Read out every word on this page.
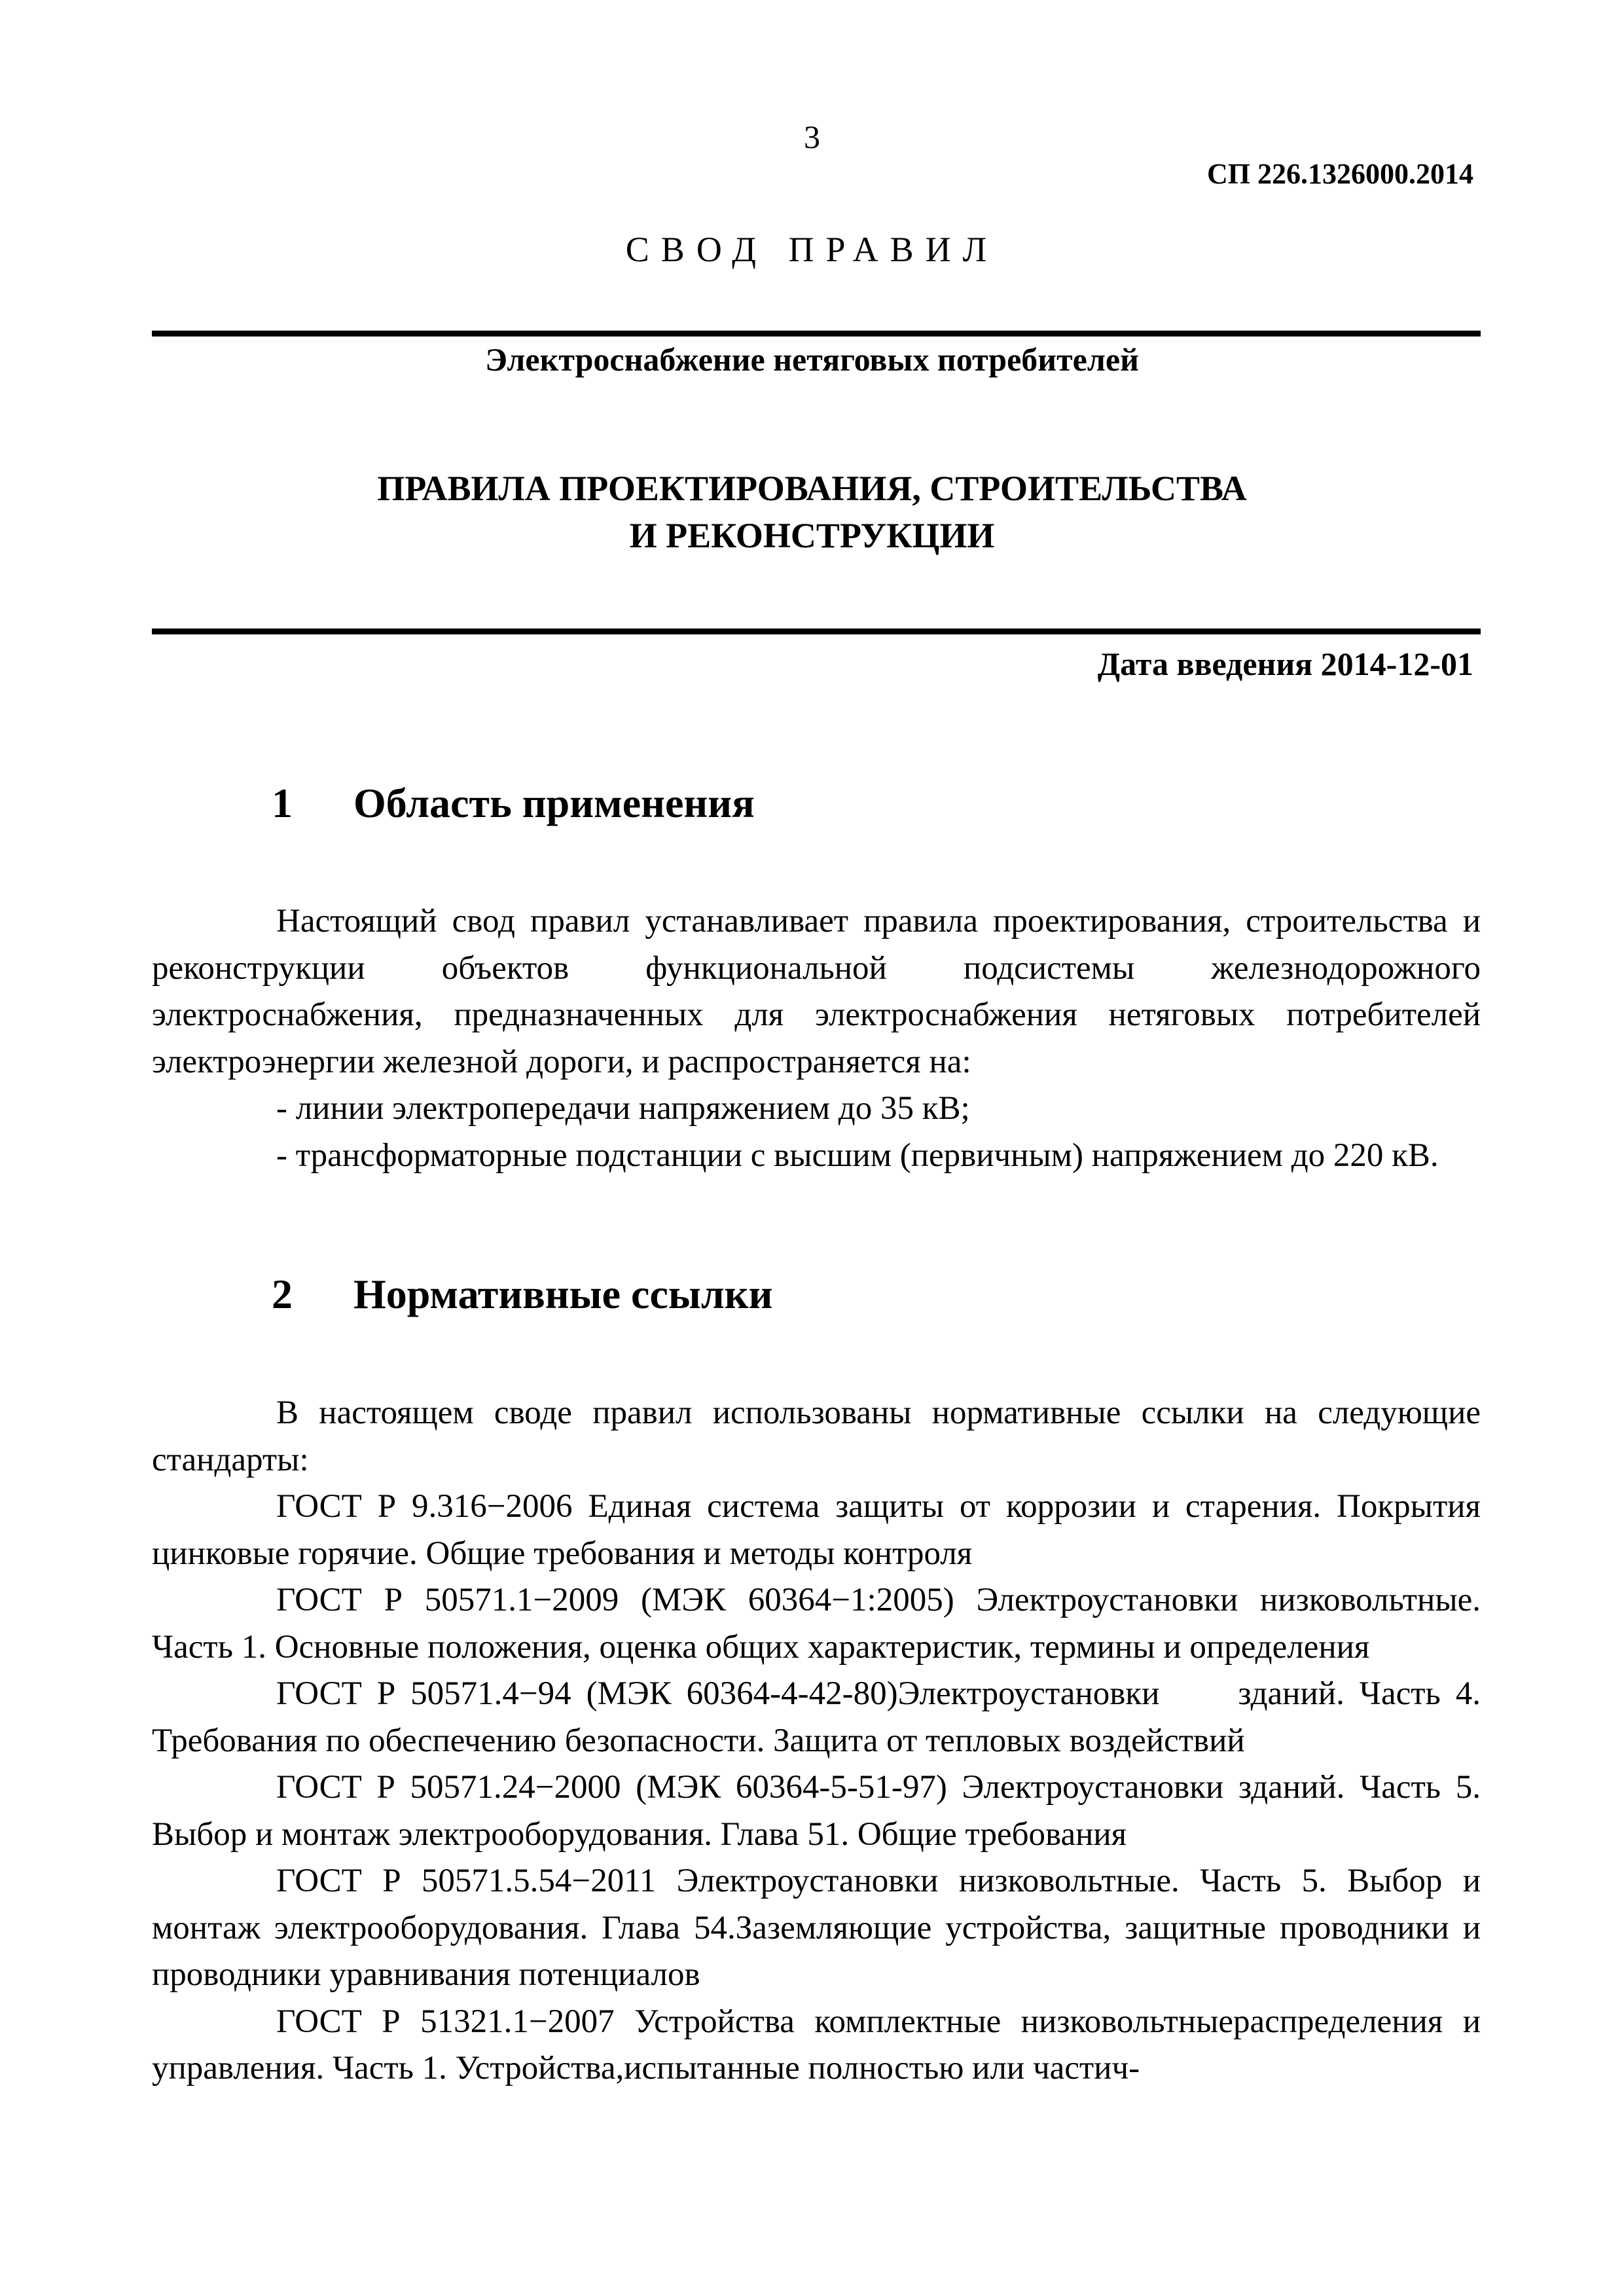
3
СП 226.1326000.2014
СВОД ПРАВИЛ
Электроснабжение нетяговых потребителей
ПРАВИЛА ПРОЕКТИРОВАНИЯ, СТРОИТЕЛЬСТВА
И РЕКОНСТРУКЦИИ
Дата введения 2014-12-01
1 Область применения

Настоящий свод правил устанавливает правила проектирования, строительства и реконструкции объектов функциональной подсистемы железнодорожного электроснабжения, предназначенных для электроснабжения нетяговых потребителей электроэнергии железной дороги, и распространяется на:

- линии электропередачи напряжением до 35 кВ;

- трансформаторные подстанции с высшим (первичным) напряжением до 220 кВ.

2 Нормативные ссылки

В настоящем своде правил использованы нормативные ссылки на следующие стандарты:

ГОСТ Р 9.316−2006 Единая система защиты от коррозии и старения. Покрытия цинковые горячие. Общие требования и методы контроля

ГОСТ Р 50571.1−2009 (МЭК 60364−1:2005) Электроустановки низковольтные. Часть 1. Основные положения, оценка общих характеристик, термины и определения

ГОСТ Р 50571.4−94 (МЭК 60364-4-42-80)Электроустановки зданий. Часть 4. Требования по обеспечению безопасности. Защита от тепловых воздействий

ГОСТ Р 50571.24−2000 (МЭК 60364-5-51-97) Электроустановки зданий. Часть 5. Выбор и монтаж электрооборудования. Глава 51. Общие требования

ГОСТ Р 50571.5.54−2011 Электроустановки низковольтные. Часть 5. Выбор и монтаж электрооборудования. Глава 54.Заземляющие устройства, защитные проводники и проводники уравнивания потенциалов

ГОСТ Р 51321.1−2007 Устройства комплектные низковольтныераспределения и управления. Часть 1. Устройства,испытанные полностью или частич-
